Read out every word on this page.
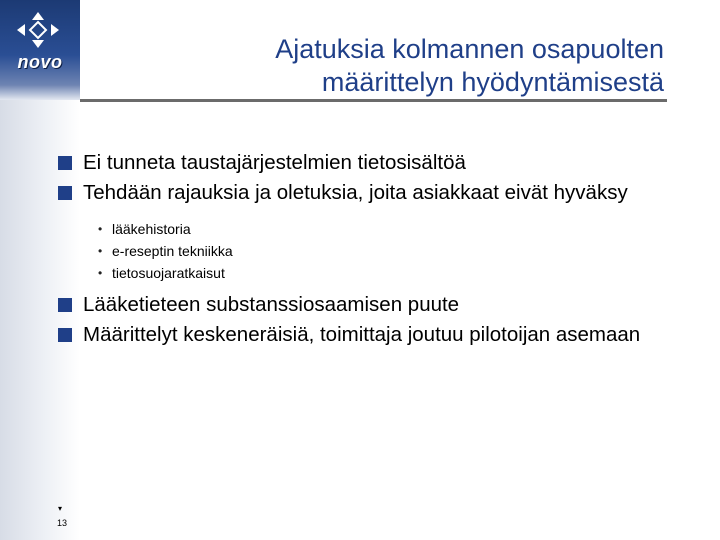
novo	Ajatuksia kolmannen osapuolten
määrittelyn hyödyntämisestä

Ei tunneta taustajärjestelmien tietosisältöä

Tehdään rajauksia ja oletuksia, joita asiakkaat eivät hyväksy

• lääkehistoria
• e-reseptin tekniikka
• tietosuojaratkaisut

Lääketieteen substanssiosaamisen puute

Määrittelyt keskeneräisiä, toimittaja joutuu pilotoijan asemaan

▾
13
